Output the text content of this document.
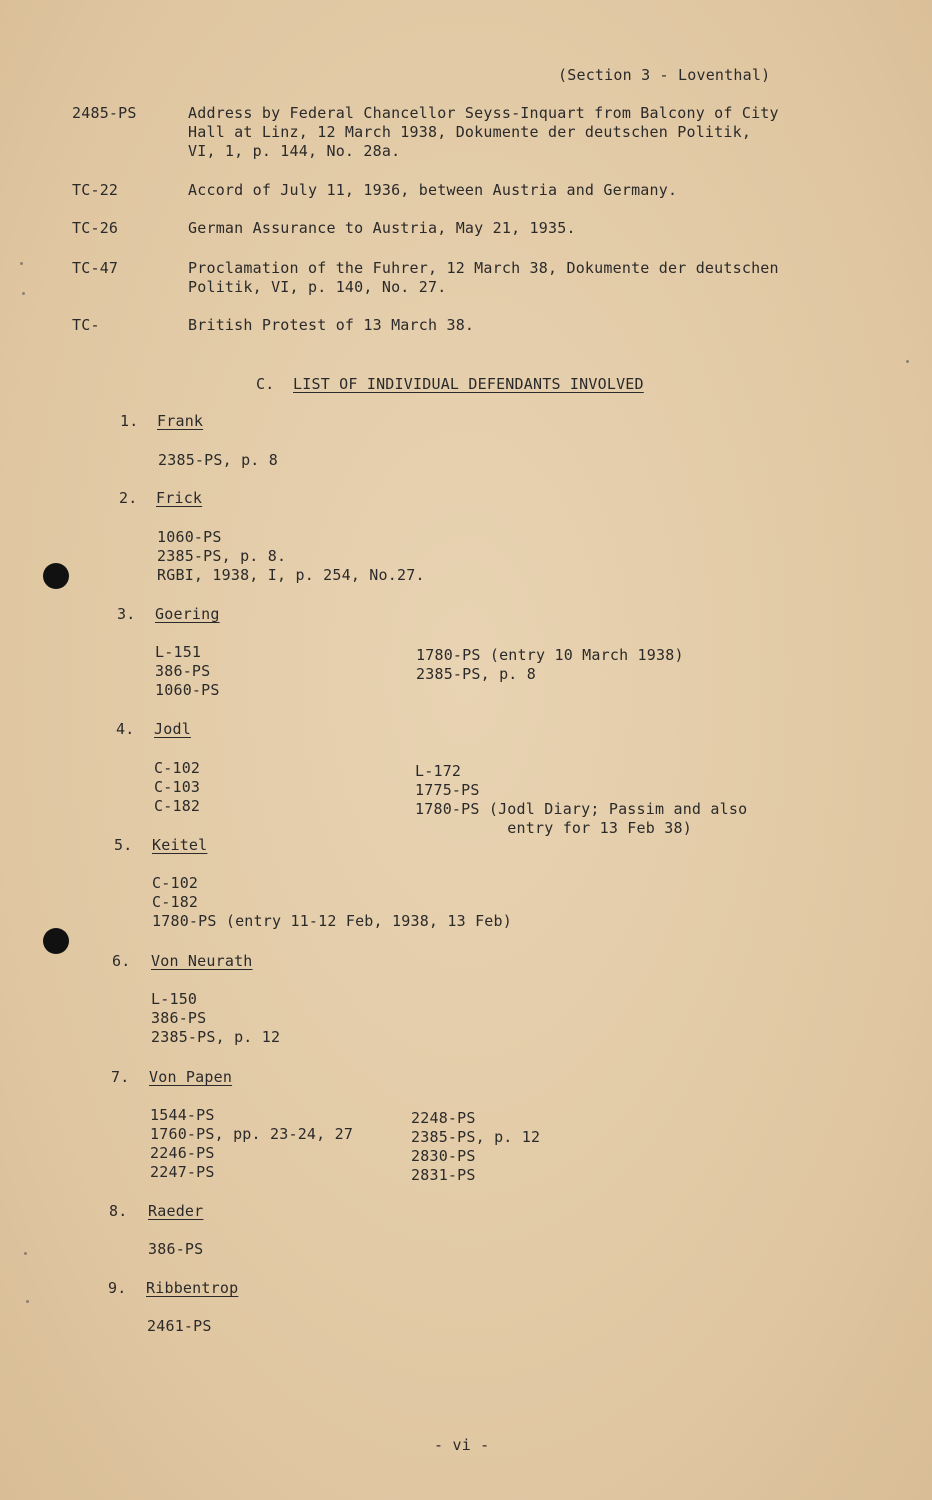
(Section 3 - Loventhal)
2485-PS	Address by Federal Chancellor Seyss-Inquart from Balcony of City
Hall at Linz, 12 March 1938, Dokumente der deutschen Politik,
VI, 1, p. 144, No. 28a.
TC-22	Accord of July 11, 1936, between Austria and Germany.
TC-26	German Assurance to Austria, May 21, 1935.
TC-47	Proclamation of the Fuhrer, 12 March 38, Dokumente der deutschen
Politik, VI, p. 140, No. 27.
TC-	British Protest of 13 March 38.
C. LIST OF INDIVIDUAL DEFENDANTS INVOLVED
1. Frank
2385-PS, p. 8
2. Frick
1060-PS
2385-PS, p. 8.
RGBI, 1938, I, p. 254, No.27.
3. Goering
L-151
386-PS
1060-PS
1780-PS (entry 10 March 1938)
2385-PS, p. 8
4. Jodl
C-102
C-103
C-182
L-172
1775-PS
1780-PS (Jodl Diary; Passim and also
entry for 13 Feb 38)
5. Keitel
C-102
C-182
1780-PS (entry 11-12 Feb, 1938, 13 Feb)
6. Von Neurath
L-150
386-PS
2385-PS, p. 12
7. Von Papen
1544-PS
1760-PS, pp. 23-24, 27
2246-PS
2247-PS
2248-PS
2385-PS, p. 12
2830-PS
2831-PS
8. Raeder
386-PS
9. Ribbentrop
2461-PS
- vi -
